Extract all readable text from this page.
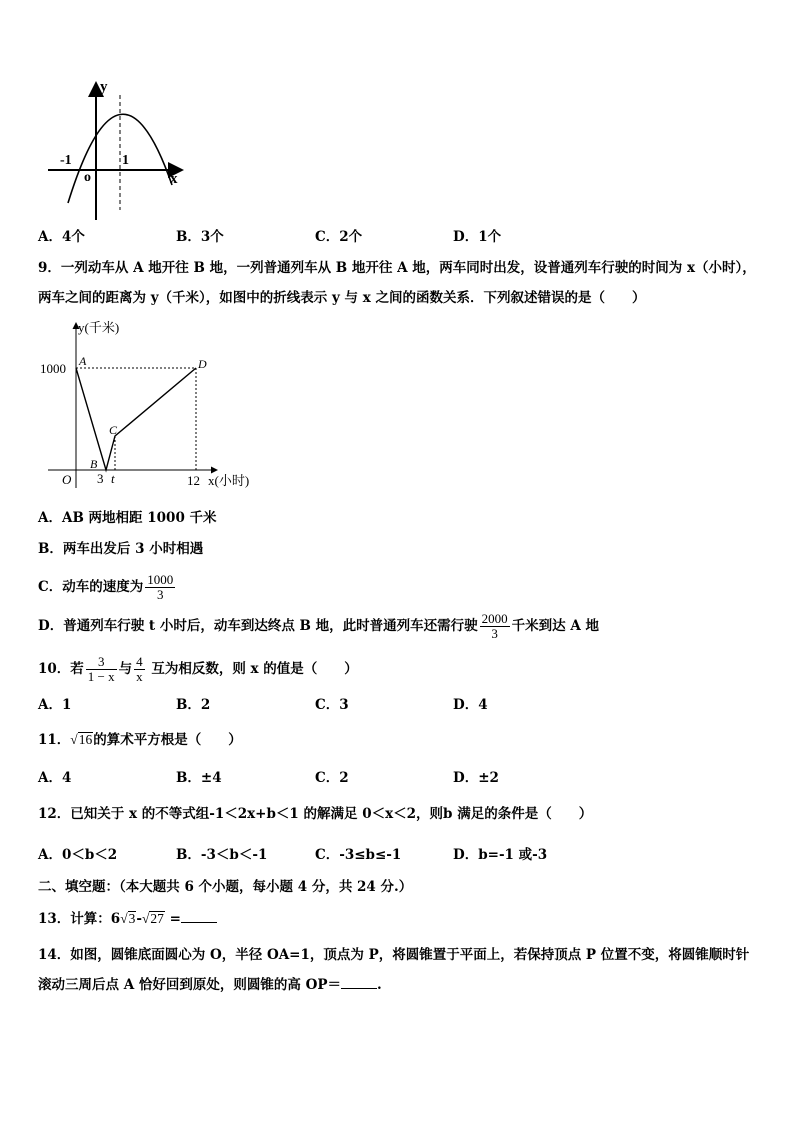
y
x
o
-1	1
A．4个	B．3个	C．2个	D．1个
9．一列动车从 A 地开往 B 地，一列普通列车从 B 地开往 A 地，两车同时出发，设普通列车行驶的时间为 x（小时），
两车之间的距离为 y（千米），如图中的折线表示 y 与 x 之间的函数关系．下列叙述错误的是（　　）
y(千米)
x(小时)
O
1000
3 t	12
A
B
C
D
A．AB 两地相距 1000 千米
B．两车出发后 3 小时相遇
C．动车的速度为 $\frac{1000}{3}$
D．普通列车行驶 t 小时后，动车到达终点 B 地，此时普通列车还需行驶 $\frac{2000}{3}$ 千米到达 A 地
10．若 $\frac{3}{1 - x}$ 与 $\frac{4}{x}$ 互为相反数，则 x 的值是（　　）
A．1	B．2	C．3	D．4
11．√16的算术平方根是（　　）
A．4	B．±4	C．2	D．±2
12．已知关于 x 的不等式组-1＜2x+b＜1 的解满足 0＜x＜2，则b 满足的条件是（　　）
A．0＜b＜2	B．-3＜b＜-1	C．-3≤b≤-1	D．b=-1 或-3
二、填空题：（本大题共 6 个小题，每小题 4 分，共 24 分.）
13．计算：6√3-√27 =
14．如图，圆锥底面圆心为 O，半径 OA=1，顶点为 P，将圆锥置于平面上，若保持顶点 P 位置不变，将圆锥顺时针
滚动三周后点 A 恰好回到原处，则圆锥的高 OP＝	.
